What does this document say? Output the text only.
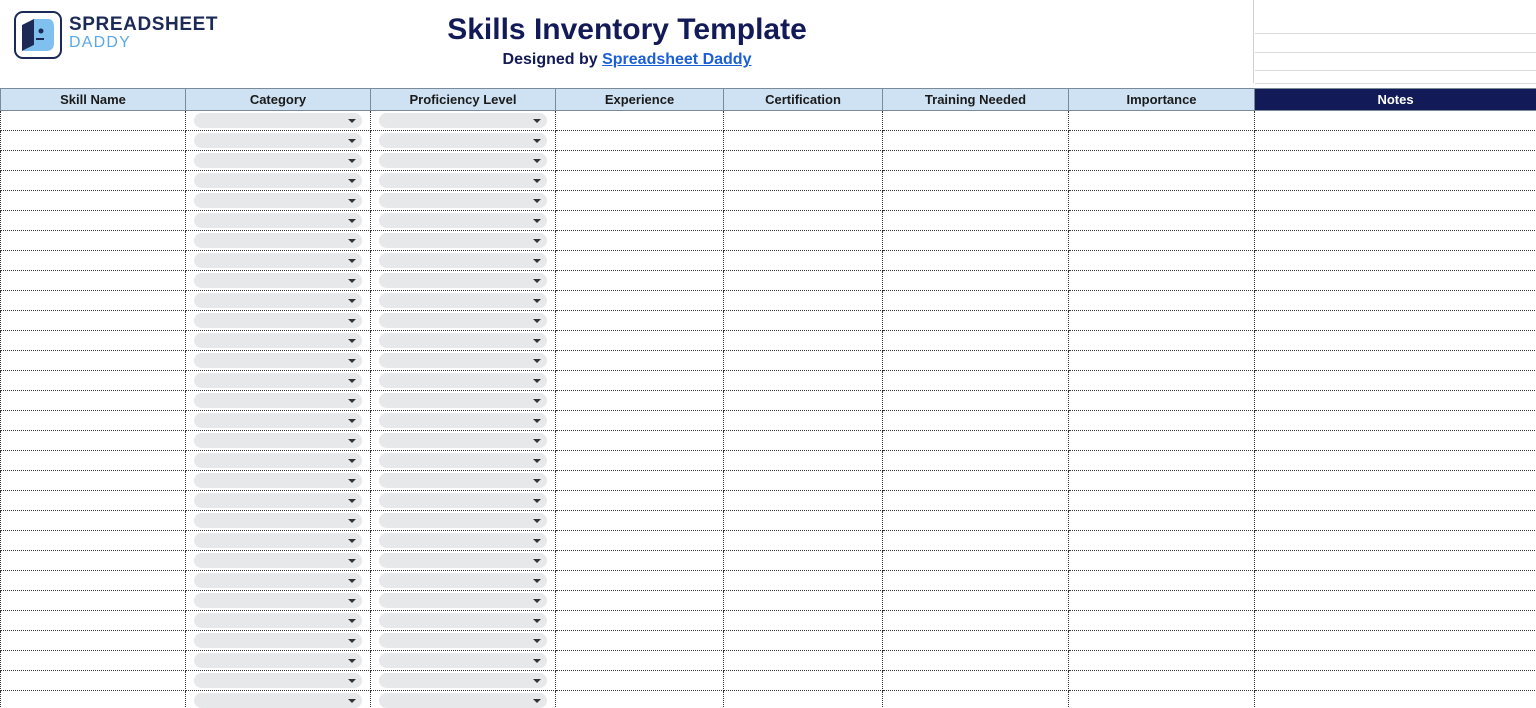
SPREADSHEET
DADDY	Skills Inventory Template
Designed by Spreadsheet Daddy
Skill Name	Category	Proficiency Level	Experience	Certification	Training Needed	Importance	Notes
